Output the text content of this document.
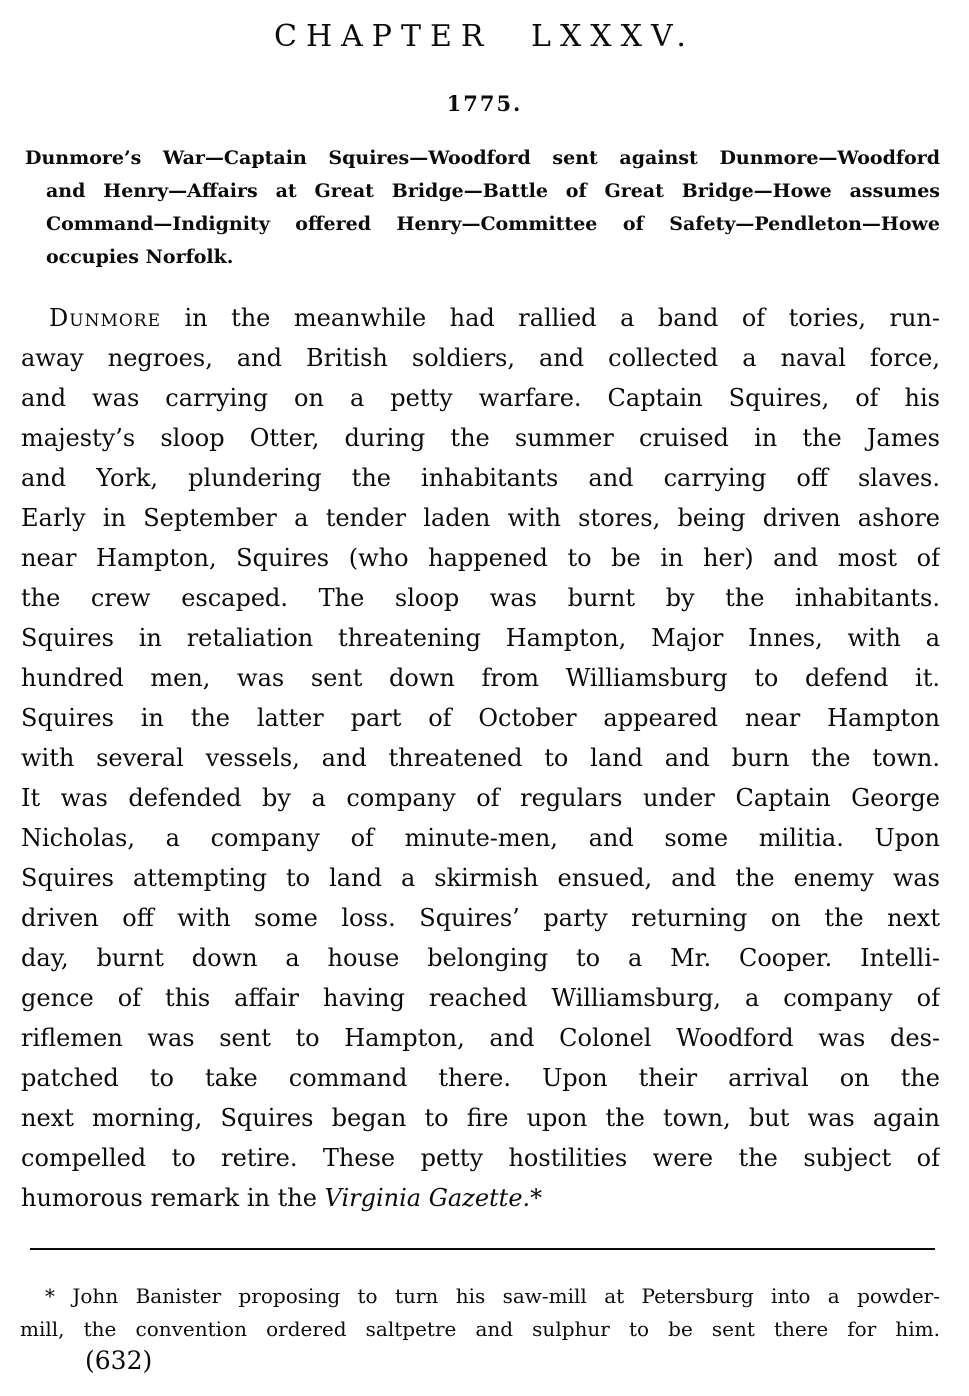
CHAPTER LXXXV.
1775.
Dunmore’s War—Captain Squires—Woodford sent against Dunmore—Woodford
and Henry—Affairs at Great Bridge—Battle of Great Bridge—Howe assumes
Command—Indignity offered Henry—Committee of Safety—Pendleton—Howe
occupies Norfolk.
Dunmore in the meanwhile had rallied a band of tories, run-
away negroes, and British soldiers, and collected a naval force,
and was carrying on a petty warfare. Captain Squires, of his
majesty’s sloop Otter, during the summer cruised in the James
and York, plundering the inhabitants and carrying off slaves.
Early in September a tender laden with stores, being driven ashore
near Hampton, Squires (who happened to be in her) and most of
the crew escaped. The sloop was burnt by the inhabitants.
Squires in retaliation threatening Hampton, Major Innes, with a
hundred men, was sent down from Williamsburg to defend it.
Squires in the latter part of October appeared near Hampton
with several vessels, and threatened to land and burn the town.
It was defended by a company of regulars under Captain George
Nicholas, a company of minute-men, and some militia. Upon
Squires attempting to land a skirmish ensued, and the enemy was
driven off with some loss. Squires’ party returning on the next
day, burnt down a house belonging to a Mr. Cooper. Intelli-
gence of this affair having reached Williamsburg, a company of
riflemen was sent to Hampton, and Colonel Woodford was des-
patched to take command there. Upon their arrival on the
next morning, Squires began to fire upon the town, but was again
compelled to retire. These petty hostilities were the subject of
humorous remark in the Virginia Gazette.*
* John Banister proposing to turn his saw-mill at Petersburg into a powder-
mill, the convention ordered saltpetre and sulphur to be sent there for him.
(632)
